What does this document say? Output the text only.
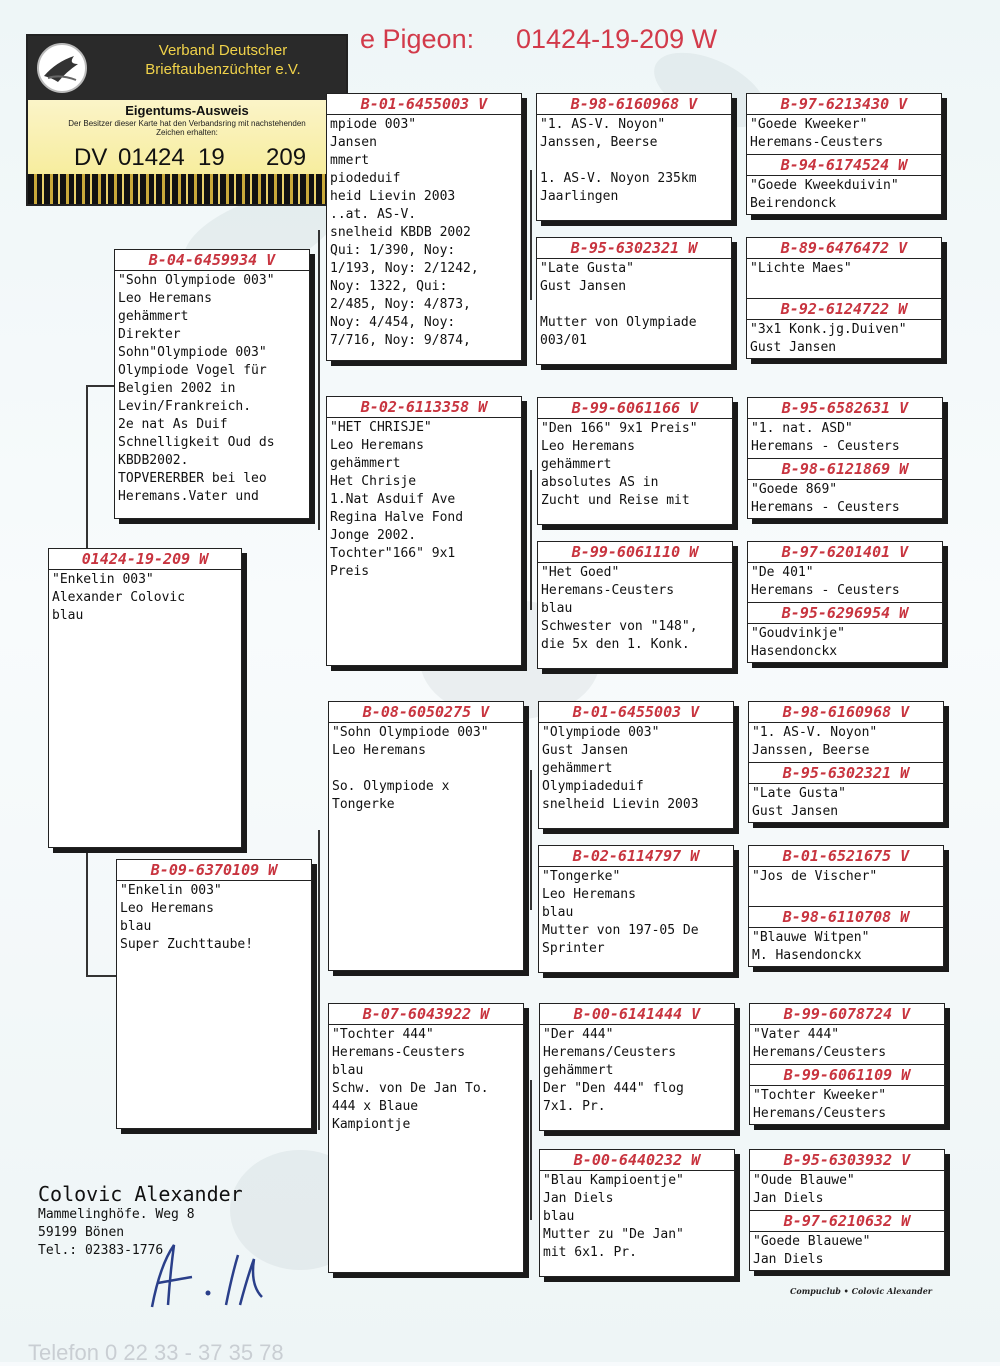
e Pigeon: 01424-19-209 W
Verband Deutscher
Brieftaubenzüchter e.V.
Eigentums-Ausweis
Der Besitzer dieser Karte hat den Verbandsring mit nachstehenden Zeichen erhalten:
DV 01424 19 209
01424-19-209 W
"Enkelin 003"
Alexander Colovic
blau
B-04-6459934 V
"Sohn Olympiode 003"
Leo Heremans
gehämmert
Direkter
Sohn"Olympiode 003"
Olympiode Vogel für
Belgien 2002 in
Levin/Frankreich.
2e nat As Duif
Schnelligkeit Oud ds
KBDB2002.
TOPVERERBER bei leo
Heremans.Vater und
B-09-6370109 W
"Enkelin 003"
Leo Heremans
blau
Super Zuchttaube!
B-01-6455003 V
mpiode 003"
Jansen
mmert
piodeduif
heid Lievin 2003
..at. AS-V.
snelheid KBDB 2002
Qui: 1/390, Noy:
1/193, Noy: 2/1242,
Noy: 1322, Qui:
2/485, Noy: 4/873,
Noy: 4/454, Noy:
7/716, Noy: 9/874,
B-02-6113358 W
"HET CHRISJE"
Leo Heremans
gehämmert
Het Chrisje
1.Nat Asduif Ave
Regina Halve Fond
Jonge 2002.
Tochter"166" 9x1
Preis
B-08-6050275 V
"Sohn Olympiode 003"
Leo Heremans

So. Olympiode x
Tongerke
B-07-6043922 W
"Tochter 444"
Heremans-Ceusters
blau
Schw. von De Jan To.
444 x Blaue
Kampiontje
B-98-6160968 V
"1. AS-V. Noyon"
Janssen, Beerse

1. AS-V. Noyon 235km
Jaarlingen
B-95-6302321 W
"Late Gusta"
Gust Jansen

Mutter von Olympiade
003/01
B-99-6061166 V
"Den 166" 9x1 Preis"
Leo Heremans
gehämmert
absolutes AS in
Zucht und Reise mit
B-99-6061110 W
"Het Goed"
Heremans-Ceusters
blau
Schwester von "148",
die 5x den 1. Konk.
B-01-6455003 V
"Olympiode 003"
Gust Jansen
gehämmert
Olympiadeduif
snelheid Lievin 2003
B-02-6114797 W
"Tongerke"
Leo Heremans
blau
Mutter von 197-05 De
Sprinter
B-00-6141444 V
"Der 444"
Heremans/Ceusters
gehämmert
Der "Den 444" flog
7x1. Pr.
B-00-6440232 W
"Blau Kampioentje"
Jan Diels
blau
Mutter zu "De Jan"
mit 6x1. Pr.
B-97-6213430 V
"Goede Kweeker"
Heremans-Ceusters
B-94-6174524 W
"Goede Kweekduivin"
Beirendonck
B-89-6476472 V
"Lichte Maes"
B-92-6124722 W
"3x1 Konk.jg.Duiven"
Gust Jansen
B-95-6582631 V
"1. nat. ASD"
Heremans - Ceusters
B-98-6121869 W
"Goede 869"
Heremans - Ceusters
B-97-6201401 V
"De 401"
Heremans - Ceusters
B-95-6296954 W
"Goudvinkje"
Hasendonckx
B-98-6160968 V
"1. AS-V. Noyon"
Janssen, Beerse
B-95-6302321 W
"Late Gusta"
Gust Jansen
B-01-6521675 V
"Jos de Vischer"
B-98-6110708 W
"Blauwe Witpen"
M. Hasendonckx
B-99-6078724 V
"Vater 444"
Heremans/Ceusters
B-99-6061109 W
"Tochter Kweeker"
Heremans/Ceusters
B-95-6303932 V
"Oude Blauwe"
Jan Diels
B-97-6210632 W
"Goede Blauewe"
Jan Diels
Colovic Alexander
Mammelinghöfe. Weg 8
59199 Bönen
Tel.: 02383-1776
Compuclub • Colovic Alexander
Telefon 0 22 33 - 37 35 78
